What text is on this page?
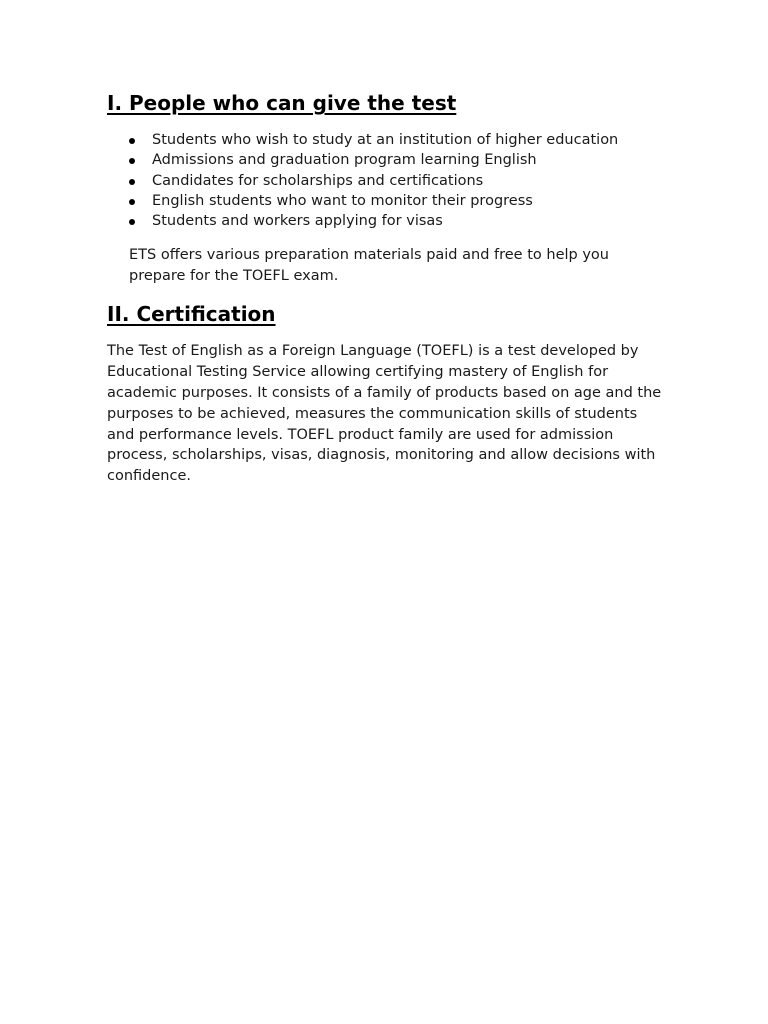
I. People who can give the test
Students who wish to study at an institution of higher education
Admissions and graduation program learning English
Candidates for scholarships and certifications
English students who want to monitor their progress
Students and workers applying for visas

ETS offers various preparation materials paid and free to help you prepare for the TOEFL exam.

II. Certification

The Test of English as a Foreign Language (TOEFL) is a test developed by Educational Testing Service allowing certifying mastery of English for academic purposes. It consists of a family of products based on age and the purposes to be achieved, measures the communication skills of students and performance levels. TOEFL product family are used for admission process, scholarships, visas, diagnosis, monitoring and allow decisions with confidence.
